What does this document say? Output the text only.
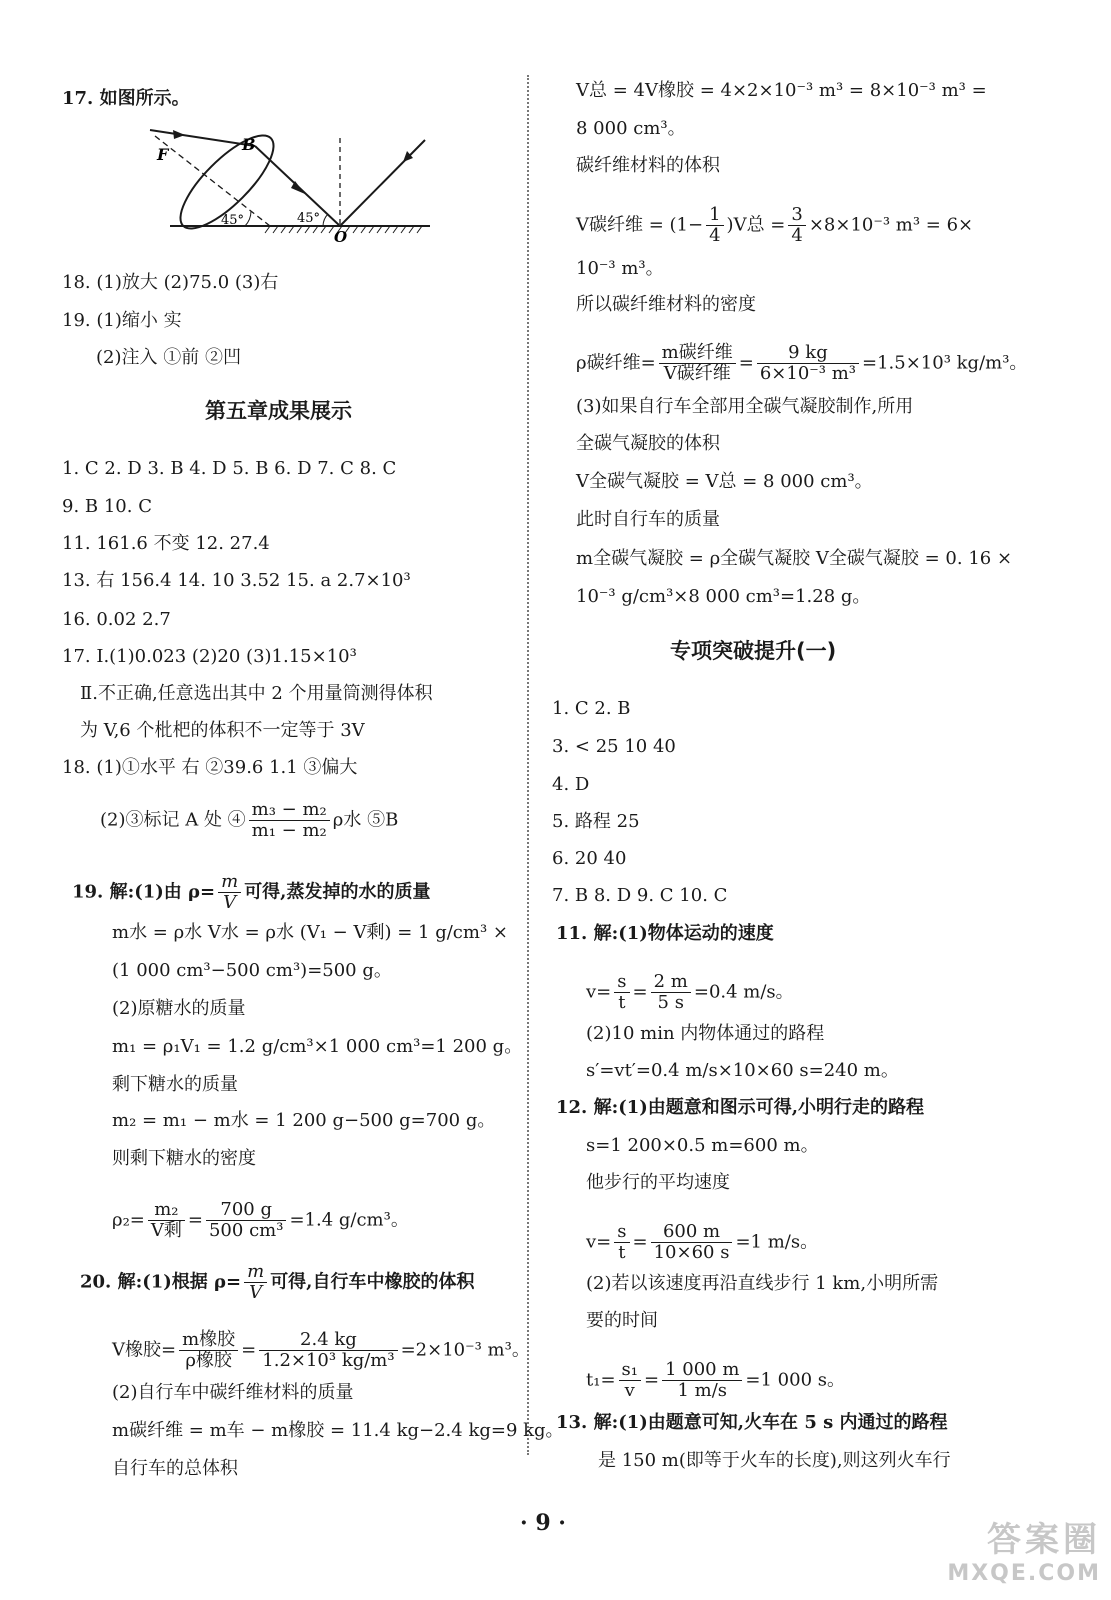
17. 如图所示。
B
F
O
45°	45°
18. (1)放大 (2)75.0 (3)右
19. (1)缩小 实
(2)注入 ①前 ②凹
第五章成果展示
1. C 2. D 3. B 4. D 5. B 6. D 7. C 8. C
9. B 10. C
11. 161.6 不变 12. 27.4
13. 右 156.4 14. 10 3.52 15. a 2.7×10³
16. 0.02 2.7
17. Ⅰ.(1)0.023 (2)20 (3)1.15×10³
Ⅱ.不正确,任意选出其中 2 个用量筒测得体积
为 V,6 个枇杷的体积不一定等于 3V
18. (1)①水平 右 ②39.6 1.1 ③偏大
(2)③标记 A 处 ④ $\frac{\text{m₃ − m₂}}{\text{m₁ − m₂}}$ ρ水 ⑤B
19. 解:(1)由 $\rho= \frac{m}{V}$ 可得,蒸发掉的水的质量
m水 = ρ水 V水 = ρ水 (V₁ − V剩) = 1 g/cm³ ×
(1 000 cm³−500 cm³)=500 g。
(2)原糖水的质量
m₁ = ρ₁V₁ = 1.2 g/cm³×1 000 cm³=1 200 g。
剩下糖水的质量
m₂ = m₁ − m水 = 1 200 g−500 g=700 g。
则剩下糖水的密度
ρ₂= m₂
V剩 = $\frac{700 g}{\text{500 cm³}} =1.4$ g/cm³。
20. 解:(1)根据 $\rho= \frac{m}{V}$ 可得,自行车中橡胶的体积
V橡胶= m橡胶
ρ橡胶 = $\frac{2.4 kg}{\text{1.2×10³ kg/m³}} =2\times 10^{-3}$ m³。
(2)自行车中碳纤维材料的质量
m碳纤维 = m车 − m橡胶 = 11.4 kg−2.4 kg=9 kg。
自行车的总体积
V总 = 4V橡胶 = 4×2×10⁻³ m³ = 8×10⁻³ m³ =
8 000 cm³。
碳纤维材料的体积
V碳纤维 = $(1- \frac{1}{4} )V$总 = $\frac{3}{4} \times 8\times 10^{-3}$ m³ = 6×
10⁻³ m³。
所以碳纤维材料的密度
ρ碳纤维= m碳纤维
V碳纤维 = $\frac{9 kg}{\text{6×10⁻³ m³}} =1.5\times 10^3$ kg/m³。
(3)如果自行车全部用全碳气凝胶制作,所用
全碳气凝胶的体积
V全碳气凝胶 = V总 = 8 000 cm³。
此时自行车的质量
m全碳气凝胶 = ρ全碳气凝胶 V全碳气凝胶 = 0. 16 ×
10⁻³ g/cm³×8 000 cm³=1.28 g。
专项突破提升(一)
1. C 2. B
3. < 25 10 40
4. D
5. 路程 25
6. 20 40
7. B 8. D 9. C 10. C
11. 解:(1)物体运动的速度
$v= \frac{s}{t} = \frac{2 m}{5 s} =0.4$ m/s。
(2)10 min 内物体通过的路程
s′=vt′=0.4 m/s×10×60 s=240 m。
12. 解:(1)由题意和图示可得,小明行走的路程
s=1 200×0.5 m=600 m。
他步行的平均速度
$v= \frac{s}{t} = \frac{600 m}{10\times 60 s} =1$ m/s。
(2)若以该速度再沿直线步行 1 km,小明所需
要的时间
$t_1= \frac{\text{s₁}}{v} = \frac{1 000 m}{1 m/s} =1$ 000 s。
13. 解:(1)由题意可知,火车在 5 s 内通过的路程
是 150 m(即等于火车的长度),则这列火车行
· 9 ·	答案圈
MXQE.COM
